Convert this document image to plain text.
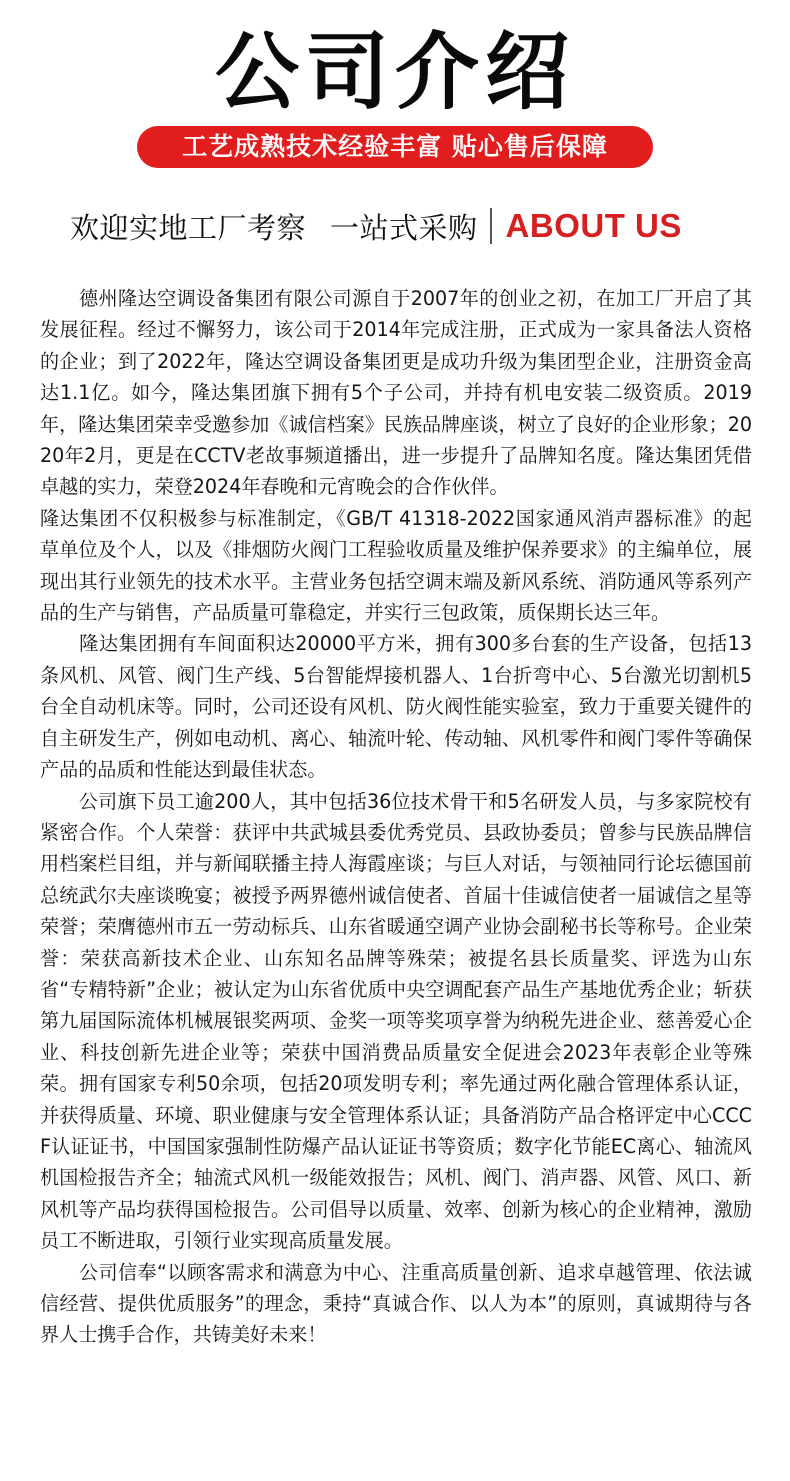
公司介绍
工艺成熟技术经验丰富 贴心售后保障
欢迎实地工厂考察 一站式采购 ABOUT US

　　德州隆达空调设备集团有限公司源自于2007年的创业之初，在加工厂开启了其发展征程。经过不懈努力，该公司于2014年完成注册，正式成为一家具备法人资格的企业；到了2022年，隆达空调设备集团更是成功升级为集团型企业，注册资金高达1.1亿。如今，隆达集团旗下拥有5个子公司，并持有机电安装二级资质。2019年，隆达集团荣幸受邀参加《诚信档案》民族品牌座谈，树立了良好的企业形象；2020年2月，更是在CCTV老故事频道播出，进一步提升了品牌知名度。隆达集团凭借卓越的实力，荣登2024年春晚和元宵晚会的合作伙伴。

隆达集团不仅积极参与标准制定，《GB/T 41318-2022国家通风消声器标准》的起草单位及个人，以及《排烟防火阀门工程验收质量及维护保养要求》的主编单位，展现出其行业领先的技术水平。主营业务包括空调末端及新风系统、消防通风等系列产品的生产与销售，产品质量可靠稳定，并实行三包政策，质保期长达三年。

　　隆达集团拥有车间面积达20000平方米，拥有300多台套的生产设备，包括13条风机、风管、阀门生产线、5台智能焊接机器人、1台折弯中心、5台激光切割机5台全自动机床等。同时，公司还设有风机、防火阀性能实验室，致力于重要关键件的自主研发生产，例如电动机、离心、轴流叶轮、传动轴、风机零件和阀门零件等确保产品的品质和性能达到最佳状态。

　　公司旗下员工逾200人，其中包括36位技术骨干和5名研发人员，与多家院校有紧密合作。个人荣誉：获评中共武城县委优秀党员、县政协委员；曾参与民族品牌信用档案栏目组，并与新闻联播主持人海霞座谈；与巨人对话，与领袖同行论坛德国前总统武尔夫座谈晚宴；被授予两界德州诚信使者、首届十佳诚信使者一届诚信之星等荣誉；荣膺德州市五一劳动标兵、山东省暖通空调产业协会副秘书长等称号。企业荣誉：荣获高新技术企业、山东知名品牌等殊荣；被提名县长质量奖、评选为山东省“专精特新”企业；被认定为山东省优质中央空调配套产品生产基地优秀企业；斩获第九届国际流体机械展银奖两项、金奖一项等奖项享誉为纳税先进企业、慈善爱心企业、科技创新先进企业等；荣获中国消费品质量安全促进会2023年表彰企业等殊荣。拥有国家专利50余项，包括20项发明专利；率先通过两化融合管理体系认证，并获得质量、环境、职业健康与安全管理体系认证；具备消防产品合格评定中心CCCF认证证书，中国国家强制性防爆产品认证证书等资质；数字化节能EC离心、轴流风机国检报告齐全；轴流式风机一级能效报告；风机、阀门、消声器、风管、风口、新风机等产品均获得国检报告。公司倡导以质量、效率、创新为核心的企业精神，激励员工不断进取，引领行业实现高质量发展。

　　公司信奉“以顾客需求和满意为中心、注重高质量创新、追求卓越管理、依法诚信经营、提供优质服务”的理念，秉持“真诚合作、以人为本”的原则，真诚期待与各界人士携手合作，共铸美好未来！
